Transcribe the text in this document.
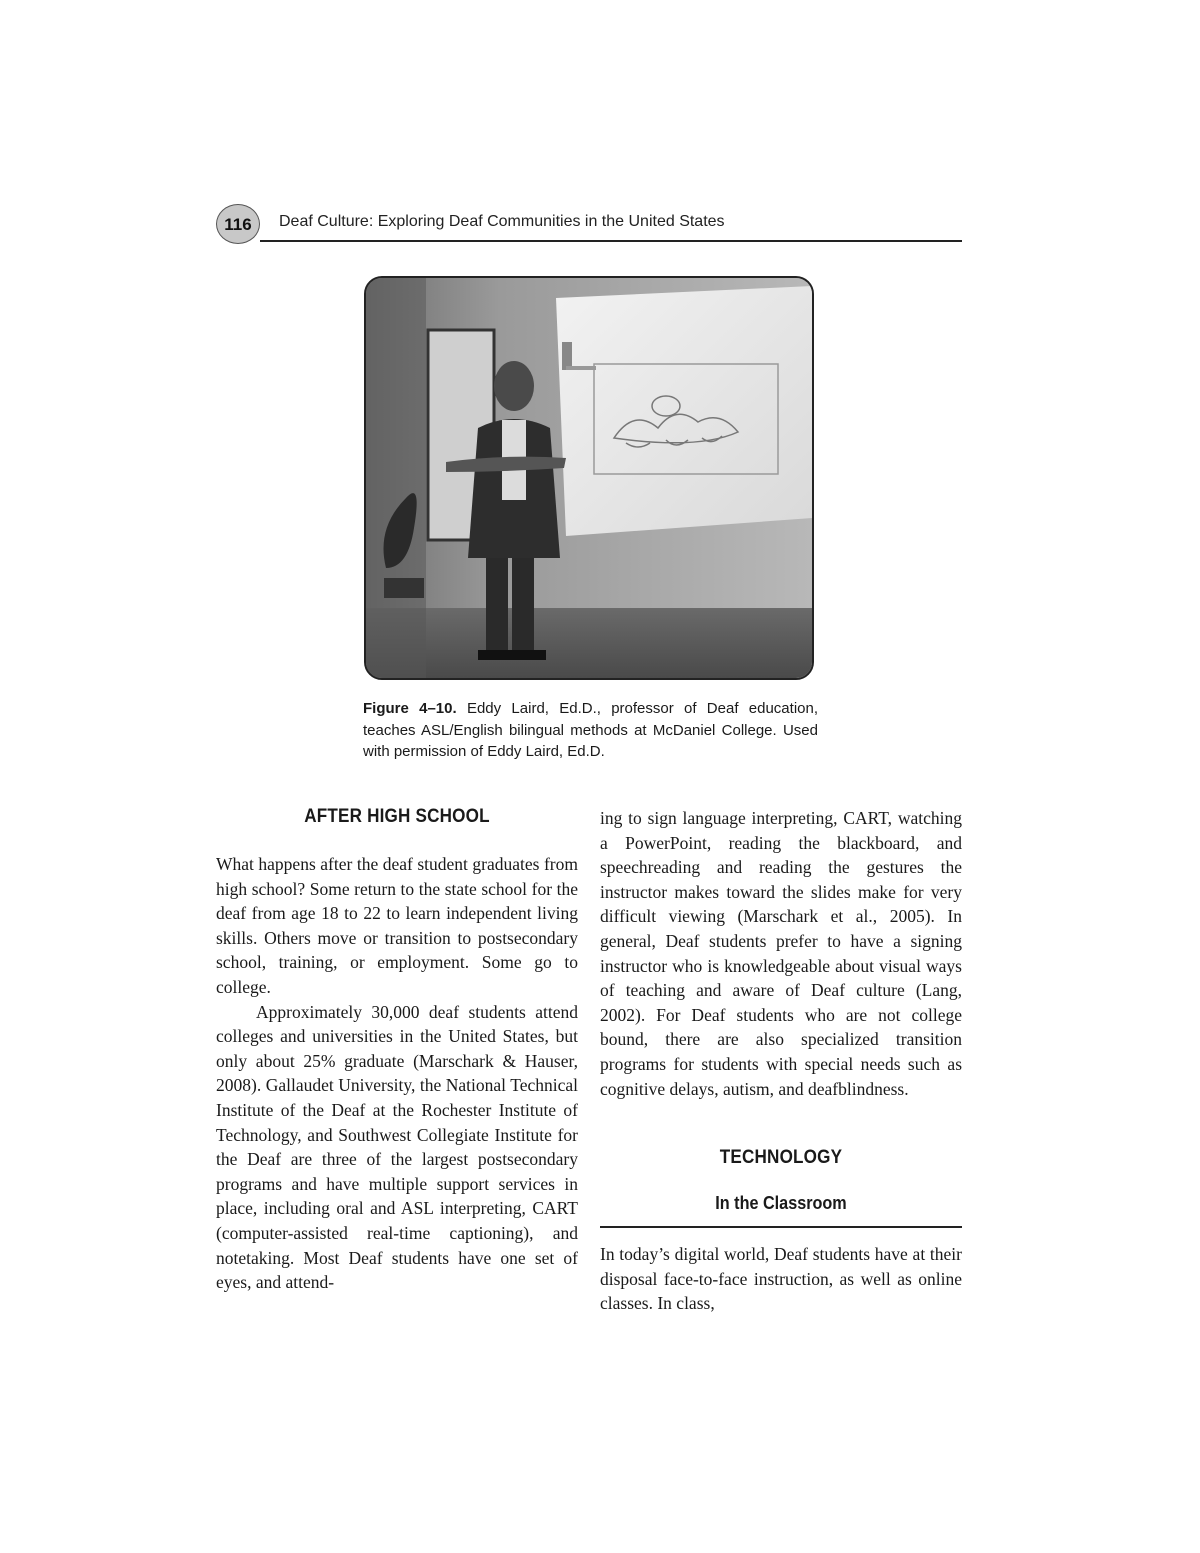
116	Deaf Culture: Exploring Deaf Communities in the United States
Figure 4–10. Eddy Laird, Ed.D., professor of Deaf education, teaches ASL/English bilingual methods at McDaniel College. Used with permission of Eddy Laird, Ed.D.
AFTER HIGH SCHOOL

What happens after the deaf student graduates from high school? Some return to the state school for the deaf from age 18 to 22 to learn independent living skills. Others move or transition to postsecondary school, training, or employment. Some go to college.

Approximately 30,000 deaf students attend colleges and universities in the United States, but only about 25% graduate (Marschark & Hauser, 2008). Gallaudet University, the National Technical Institute of the Deaf at the Rochester Institute of Technology, and Southwest Collegiate Institute for the Deaf are three of the largest postsecondary programs and have multiple support services in place, including oral and ASL interpreting, CART (computer-assisted real-time captioning), and notetaking. Most Deaf students have one set of eyes, and attend-

ing to sign language interpreting, CART, watching a PowerPoint, reading the blackboard, and speechreading and reading the gestures the instructor makes toward the slides make for very difficult viewing (Marschark et al., 2005). In general, Deaf students prefer to have a signing instructor who is knowledgeable about visual ways of teaching and aware of Deaf culture (Lang, 2002). For Deaf students who are not college bound, there are also specialized transition programs for students with special needs such as cognitive delays, autism, and deafblindness.

TECHNOLOGY
In the Classroom

In today’s digital world, Deaf students have at their disposal face-to-face instruction, as well as online classes. In class,
